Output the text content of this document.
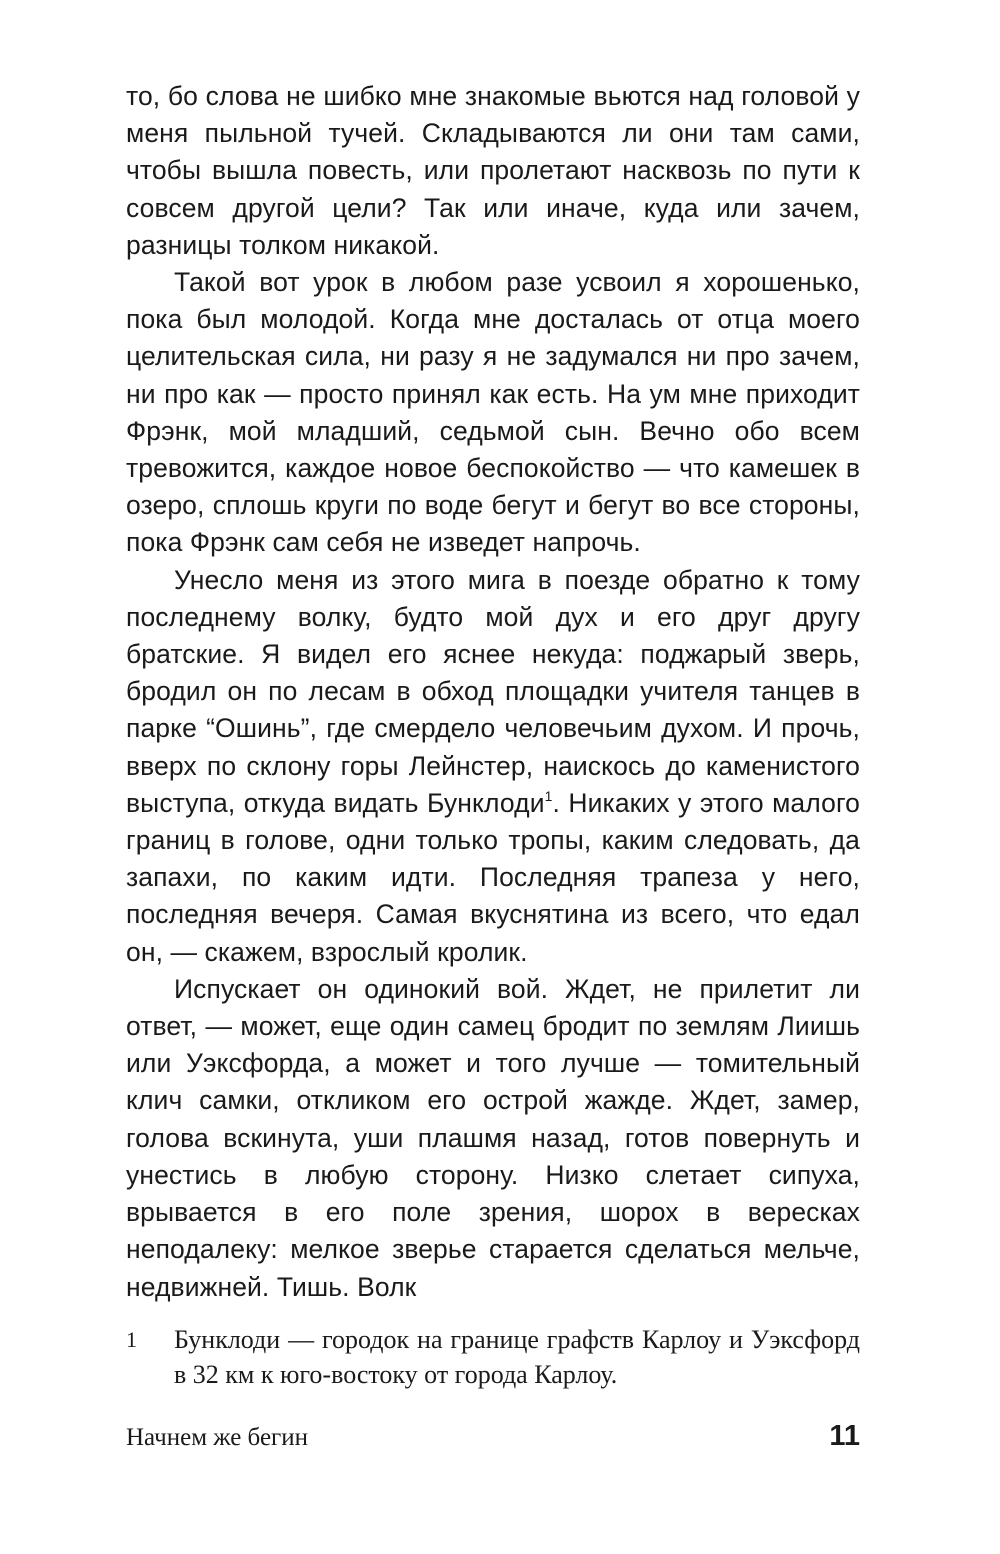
то, бо слова не шибко мне знакомые вьются над головой у меня пыльной тучей. Складываются ли они там сами, чтобы вышла повесть, или пролетают насквозь по пути к совсем другой цели? Так или иначе, куда или зачем, разницы толком никакой.

Такой вот урок в любом разе усвоил я хорошенько, пока был молодой. Когда мне досталась от отца моего целительская сила, ни разу я не задумался ни про зачем, ни про как — просто принял как есть. На ум мне приходит Фрэнк, мой младший, седьмой сын. Вечно обо всем тревожится, каждое новое беспокойство — что камешек в озеро, сплошь круги по воде бегут и бегут во все стороны, пока Фрэнк сам себя не изведет напрочь.

Унесло меня из этого мига в поезде обратно к тому последнему волку, будто мой дух и его друг другу братские. Я видел его яснее некуда: поджарый зверь, бродил он по лесам в обход площадки учителя танцев в парке “Ошинь”, где смердело человечьим духом. И прочь, вверх по склону горы Лейнстер, наискось до каменистого выступа, откуда видать Бунклоди$^1$. Никаких у этого малого границ в голове, одни только тропы, каким следовать, да запахи, по каким идти. Последняя трапеза у него, последняя вечеря. Самая вкуснятина из всего, что едал он, — скажем, взрослый кролик.

Испускает он одинокий вой. Ждет, не прилетит ли ответ, — может, еще один самец бродит по землям Лиишь или Уэксфорда, а может и того лучше — томительный клич самки, откликом его острой жажде. Ждет, замер, голова вскинута, уши плашмя назад, готов повернуть и унестись в любую сторону. Низко слетает сипуха, врывается в его поле зрения, шорох в вересках неподалеку: мелкое зверье старается сделаться мельче, недвижней. Тишь. Волк

1 Бунклоди — городок на границе графств Карлоу и Уэксфорд в 32 км к юго-востоку от города Карлоу.
Начнем же бегин	11
